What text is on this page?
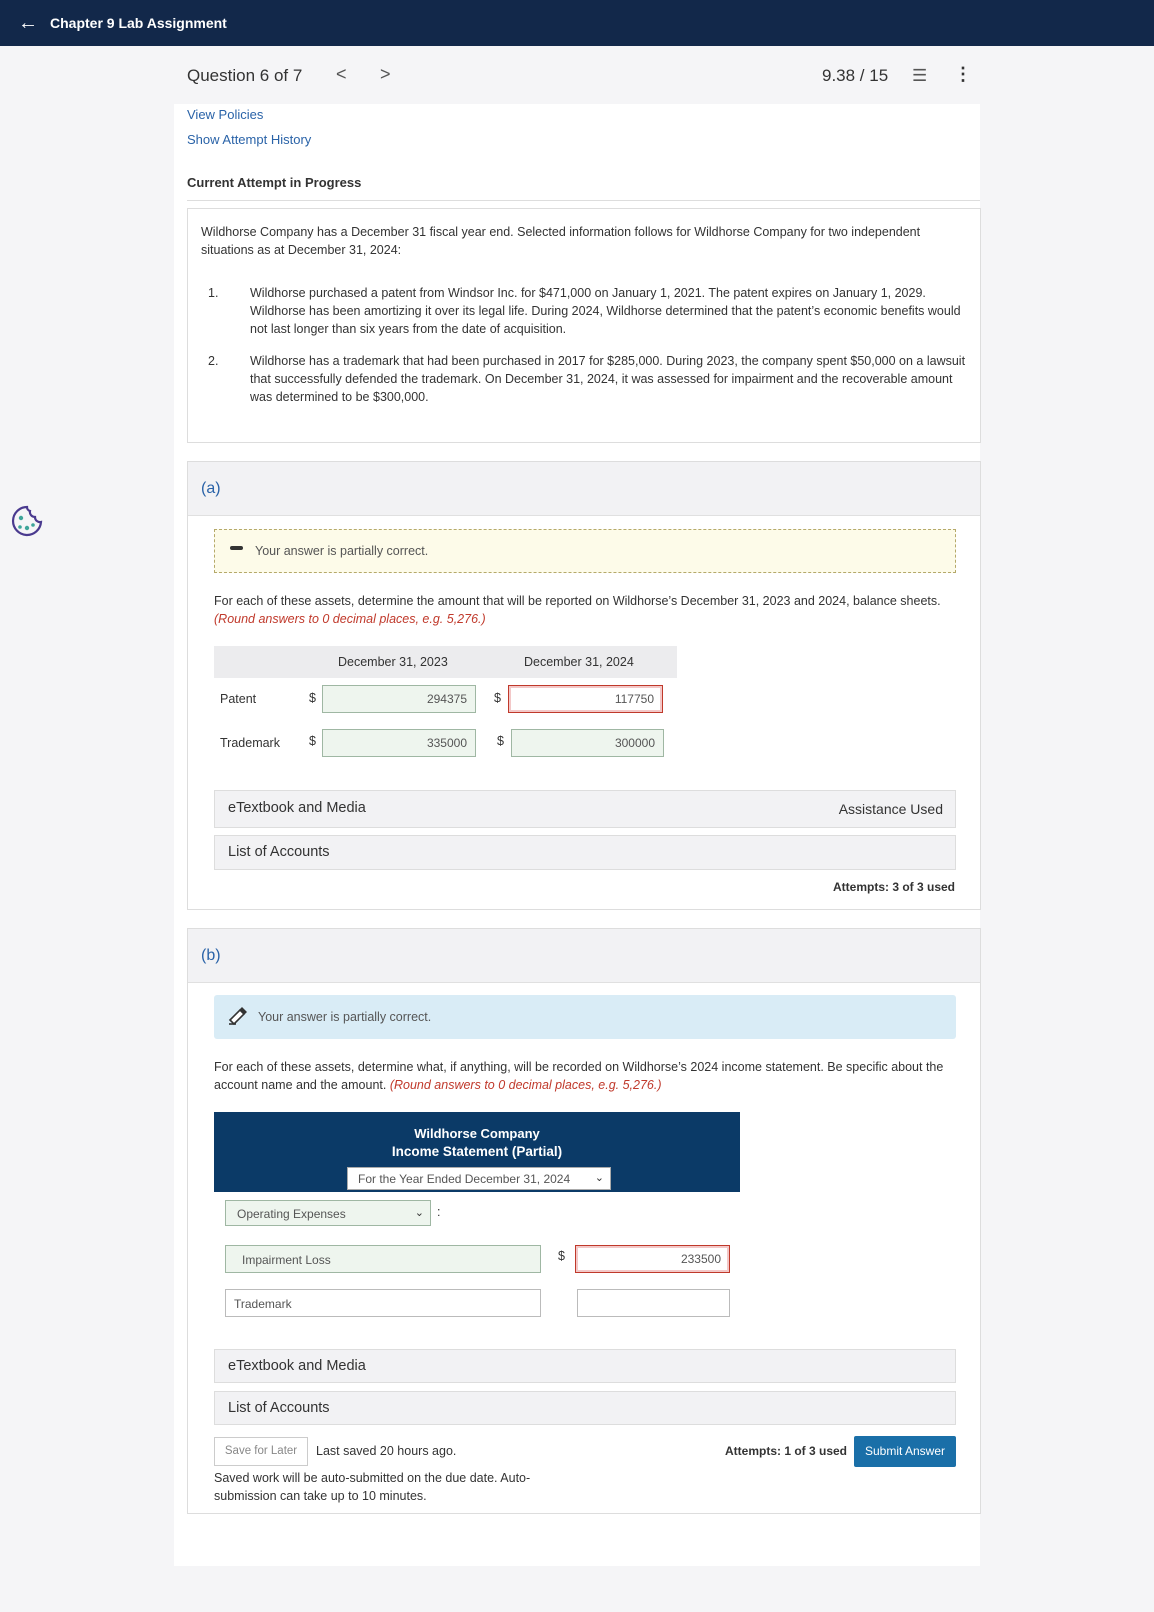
← Chapter 9 Lab Assignment
Question 6 of 7 < >	9.38 / 15 ☰ ⋮
View Policies
Show Attempt History
Current Attempt in Progress
Wildhorse Company has a December 31 fiscal year end. Selected information follows for Wildhorse Company for two independent situations as at December 31, 2024:
1.	Wildhorse purchased a patent from Windsor Inc. for $471,000 on January 1, 2021. The patent expires on January 1, 2029. Wildhorse has been amortizing it over its legal life. During 2024, Wildhorse determined that the patent’s economic benefits would not last longer than six years from the date of acquisition.
2.	Wildhorse has a trademark that had been purchased in 2017 for $285,000. During 2023, the company spent $50,000 on a lawsuit that successfully defended the trademark. On December 31, 2024, it was assessed for impairment and the recoverable amount was determined to be $300,000.
(a)
Your answer is partially correct.
For each of these assets, determine the amount that will be reported on Wildhorse’s December 31, 2023 and 2024, balance sheets.
(Round answers to 0 decimal places, e.g. 5,276.)
December 31, 2023	December 31, 2024
Patent	$	294375	$	117750
Trademark $	335000	$	300000
eTextbook and Media	Assistance Used
List of Accounts
Attempts: 3 of 3 used
(b)
Your answer is partially correct.
For each of these assets, determine what, if anything, will be recorded on Wildhorse’s 2024 income statement. Be specific about the account name and the amount. (Round answers to 0 decimal places, e.g. 5,276.)
Wildhorse Company
Income Statement (Partial)
For the Year Ended December 31, 2024 ⌄
Operating Expenses	⌄ :
Impairment Loss	$	233500
Trademark
eTextbook and Media
List of Accounts
Save for Later	Last saved 20 hours ago.
Saved work will be auto-submitted on the due date. Auto-submission can take up to 10 minutes.
Attempts: 1 of 3 used	Submit Answer
